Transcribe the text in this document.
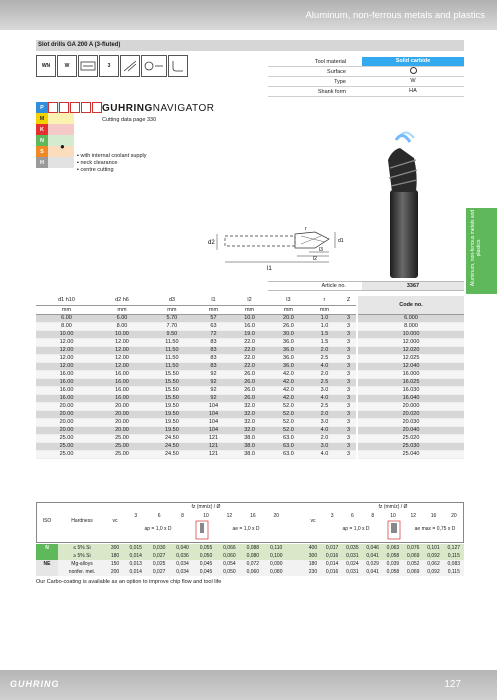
Aluminum, non-ferrous metals and plastics
Slot drills GA 200 A (3-fluted)
WN	W	3
Tool material	Solid carbide
Surface
Type	W
Shank form	HA
P
M
K
N
S
H
●
GUHRINGNAVIGATOR
Cutting data page 330
▪ with internal coolant supply
▪ neck clearance
▪ centre cutting
d2
l1
l2
l3
d1
r	Aluminum, non-ferrous metals and plastics
Article no.	3367
d1 h10	d2 h6	d3	l1	l2	l3	r	Z	Code no.
mm	mm	mm	mm	mm	mm	mm		
6.00	6.00	5.70	57	10.0	20.0	1.0	3	6.000
8.00	8.00	7.70	63	16.0	26.0	1.0	3	8.000
10.00	10.00	9.50	72	19.0	30.0	1.5	3	10.000
12.00	12.00	11.50	83	22.0	36.0	1.5	3	12.000
12.00	12.00	11.50	83	22.0	36.0	2.0	3	12.020
12.00	12.00	11.50	83	22.0	36.0	2.5	3	12.025
12.00	12.00	11.50	83	22.0	36.0	4.0	3	12.040
16.00	16.00	15.50	92	26.0	42.0	2.0	3	16.000
16.00	16.00	15.50	92	26.0	42.0	2.5	3	16.025
16.00	16.00	15.50	92	26.0	42.0	3.0	3	16.030
16.00	16.00	15.50	92	26.0	42.0	4.0	3	16.040
20.00	20.00	19.50	104	32.0	52.0	2.5	3	20.000
20.00	20.00	19.50	104	32.0	52.0	2.0	3	20.020
20.00	20.00	19.50	104	32.0	52.0	3.0	3	20.030
20.00	20.00	19.50	104	32.0	52.0	4.0	3	20.040
25.00	25.00	24.50	121	38.0	63.0	2.0	3	25.020
25.00	25.00	24.50	121	38.0	63.0	3.0	3	25.030
25.00	25.00	24.50	121	38.0	63.0	4.0	3	25.040
ISO	Hardness	vc
fz (mm/z) / Ø
vc
fz (mm/z) / Ø
3	6	8	10	12	16	20	3	6	8	10	12	16	20
ap = 1,0 x D	ae = 1,0 x D	ap = 1,0 x D	ae max = 0,75 x D
N	≤ 5% Si	300	0,015	0,030	0,040	0,055	0,066	0,088	0,110	400	0,017	0,035	0,046	0,063	0,076	0,101	0,127
≥ 5% Si	180	0,014	0,027	0,036	0,050	0,060	0,080	0,100	300	0,016	0,031	0,041	0,058	0,069	0,092	0,115
NE	Mg-alloys	150	0,013	0,025	0,034	0,045	0,054	0,072	0,090	180	0,014	0,024	0,029	0,039	0,052	0,062	0,083
nonfer. met.	200	0,014	0,027	0,034	0,045	0,050	0,060	0,080	230	0,016	0,031	0,041	0,058	0,069	0,092	0,115
Our Carbo-coating is available as an option to improve chip flow and tool life
GUHRING	127
